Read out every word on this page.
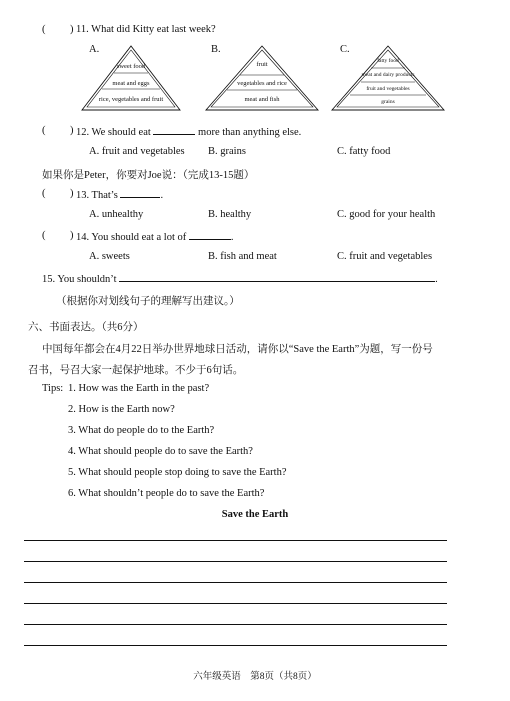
( ) 11. What did Kitty eat last week?
A.	B.	C.
sweet food
meat and eggs
rice, vegetables and fruit
fruit
vegetables and rice
meat and fish
fatty food
meat and dairy products
fruit and vegetables
grains
( ) 12. We should eat	more than anything else.
A. fruit and vegetables B. grains	C. fatty food
如果你是Peter，你要对Joe说：（完成13-15题）
( ) 13. That’s	.
A. unhealthy	B. healthy	C. good for your health
( ) 14. You should eat a lot of	.
A. sweets	B. fish and meat	C. fruit and vegetables
15. You shouldn’t	.
（根据你对划线句子的理解写出建议。）
六、书面表达。（共6分）
中国每年都会在4月22日举办世界地球日活动，请你以“Save the Earth”为题，写一份号
召书，号召大家一起保护地球。不少于6句话。
Tips: 1. How was the Earth in the past?
2. How is the Earth now?
3. What do people do to the Earth?
4. What should people do to save the Earth?
5. What should people stop doing to save the Earth?
6. What shouldn’t people do to save the Earth?
Save the Earth
六年级英语　第8页（共8页）
